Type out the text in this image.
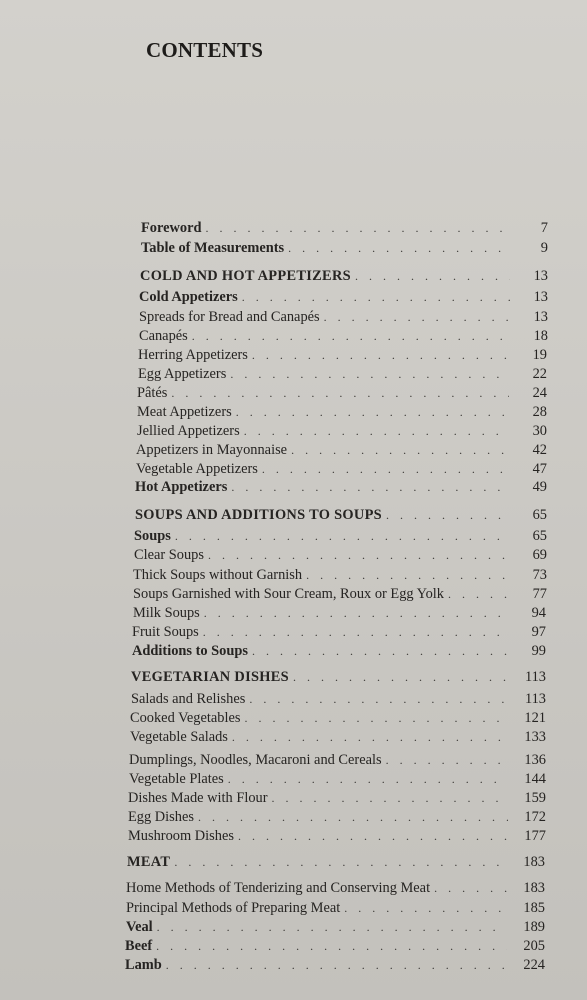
CONTENTS
Foreword . . .	7
Table of Measurements . . .	9
COLD AND HOT APPETIZERS . . .	13
Cold Appetizers . . .	13
Spreads for Bread and Canapés . . .	13
Canapés . . .	18
Herring Appetizers . . .	19
Egg Appetizers . . .	22
Pâtés . . .	24
Meat Appetizers . . .	28
Jellied Appetizers . . .	30
Appetizers in Mayonnaise . . .	42
Vegetable Appetizers . . .	47
Hot Appetizers . . .	49
SOUPS AND ADDITIONS TO SOUPS . . .	65
Soups . . .	65
Clear Soups . . .	69
Thick Soups without Garnish . . .	73
Soups Garnished with Sour Cream, Roux or Egg Yolk . . .	77
Milk Soups . . .	94
Fruit Soups . . .	97
Additions to Soups . . .	99
VEGETARIAN DISHES . . .	113
Salads and Relishes . . .	113
Cooked Vegetables . . .	121
Vegetable Salads . . .	133
Dumplings, Noodles, Macaroni and Cereals . . .	136
Vegetable Plates . . .	144
Dishes Made with Flour . . .	159
Egg Dishes . . .	172
Mushroom Dishes . . .	177
MEAT . . .	183
Home Methods of Tenderizing and Conserving Meat . . .	183
Principal Methods of Preparing Meat . . .	185
Veal . . .	189
Beef . . .	205
Lamb . . .	224
